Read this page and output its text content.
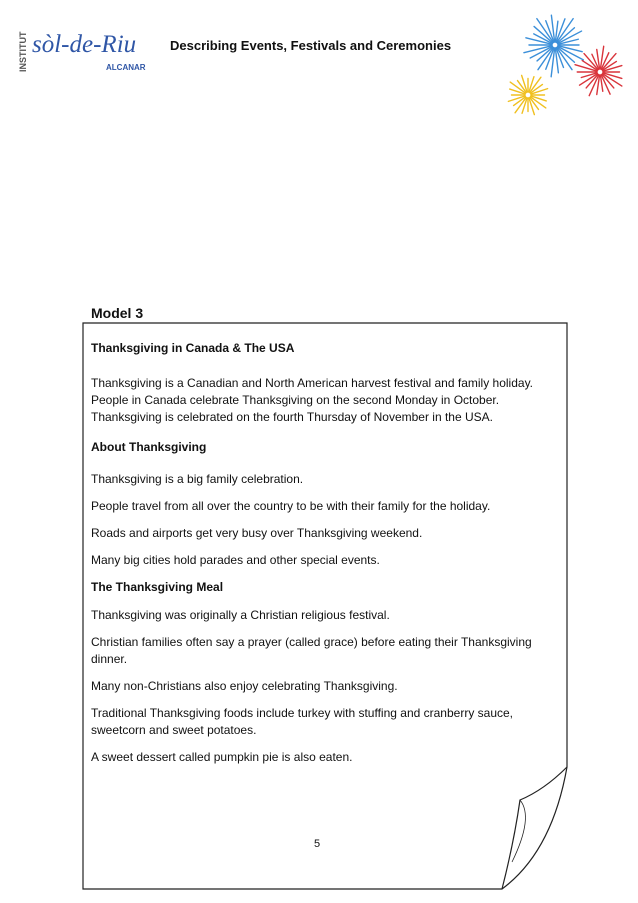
INSTITUT sòl-de-Riu
ALCANAR
Describing Events, Festivals and Ceremonies
Model 3

Thanksgiving in Canada & The USA

Thanksgiving is a Canadian and North American harvest festival and family holiday. People in Canada celebrate Thanksgiving on the second Monday in October. Thanksgiving is celebrated on the fourth Thursday of November in the USA.

About Thanksgiving

Thanksgiving is a big family celebration.

People travel from all over the country to be with their family for the holiday.

Roads and airports get very busy over Thanksgiving weekend.

Many big cities hold parades and other special events.

The Thanksgiving Meal

Thanksgiving was originally a Christian religious festival.

Christian families often say a prayer (called grace) before eating their Thanksgiving dinner.

Many non-Christians also enjoy celebrating Thanksgiving.

Traditional Thanksgiving foods include turkey with stuffing and cranberry sauce, sweetcorn and sweet potatoes.

A sweet dessert called pumpkin pie is also eaten.

5
